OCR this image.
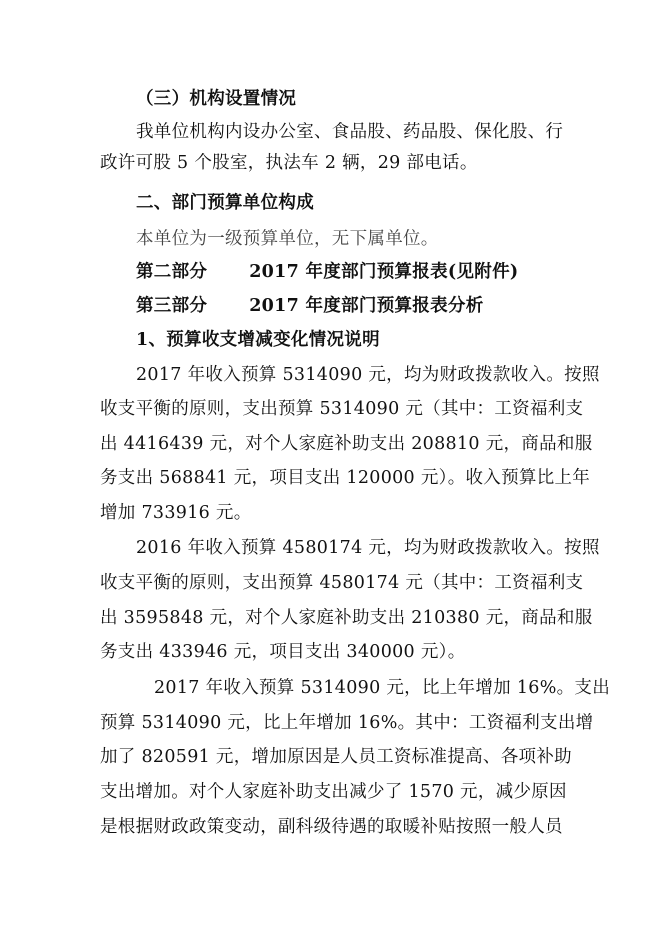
（三）机构设置情况
我单位机构内设办公室、食品股、药品股、保化股、行
政许可股 5 个股室，执法车 2 辆，29 部电话。
二、部门预算单位构成
本单位为一级预算单位，无下属单位。
第二部分 2017 年度部门预算报表(见附件)
第三部分 2017 年度部门预算报表分析
1、预算收支增减变化情况说明
2017 年收入预算 5314090 元，均为财政拨款收入。按照
收支平衡的原则，支出预算 5314090 元（其中：工资福利支
出 4416439 元，对个人家庭补助支出 208810 元，商品和服
务支出 568841 元，项目支出 120000 元）。收入预算比上年
增加 733916 元。
2016 年收入预算 4580174 元，均为财政拨款收入。按照
收支平衡的原则，支出预算 4580174 元（其中：工资福利支
出 3595848 元，对个人家庭补助支出 210380 元，商品和服
务支出 433946 元，项目支出 340000 元）。
2017 年收入预算 5314090 元，比上年增加 16%。支出
预算 5314090 元，比上年增加 16%。其中：工资福利支出增
加了 820591 元，增加原因是人员工资标准提高、各项补助
支出增加。对个人家庭补助支出减少了 1570 元，减少原因
是根据财政政策变动，副科级待遇的取暖补贴按照一般人员
